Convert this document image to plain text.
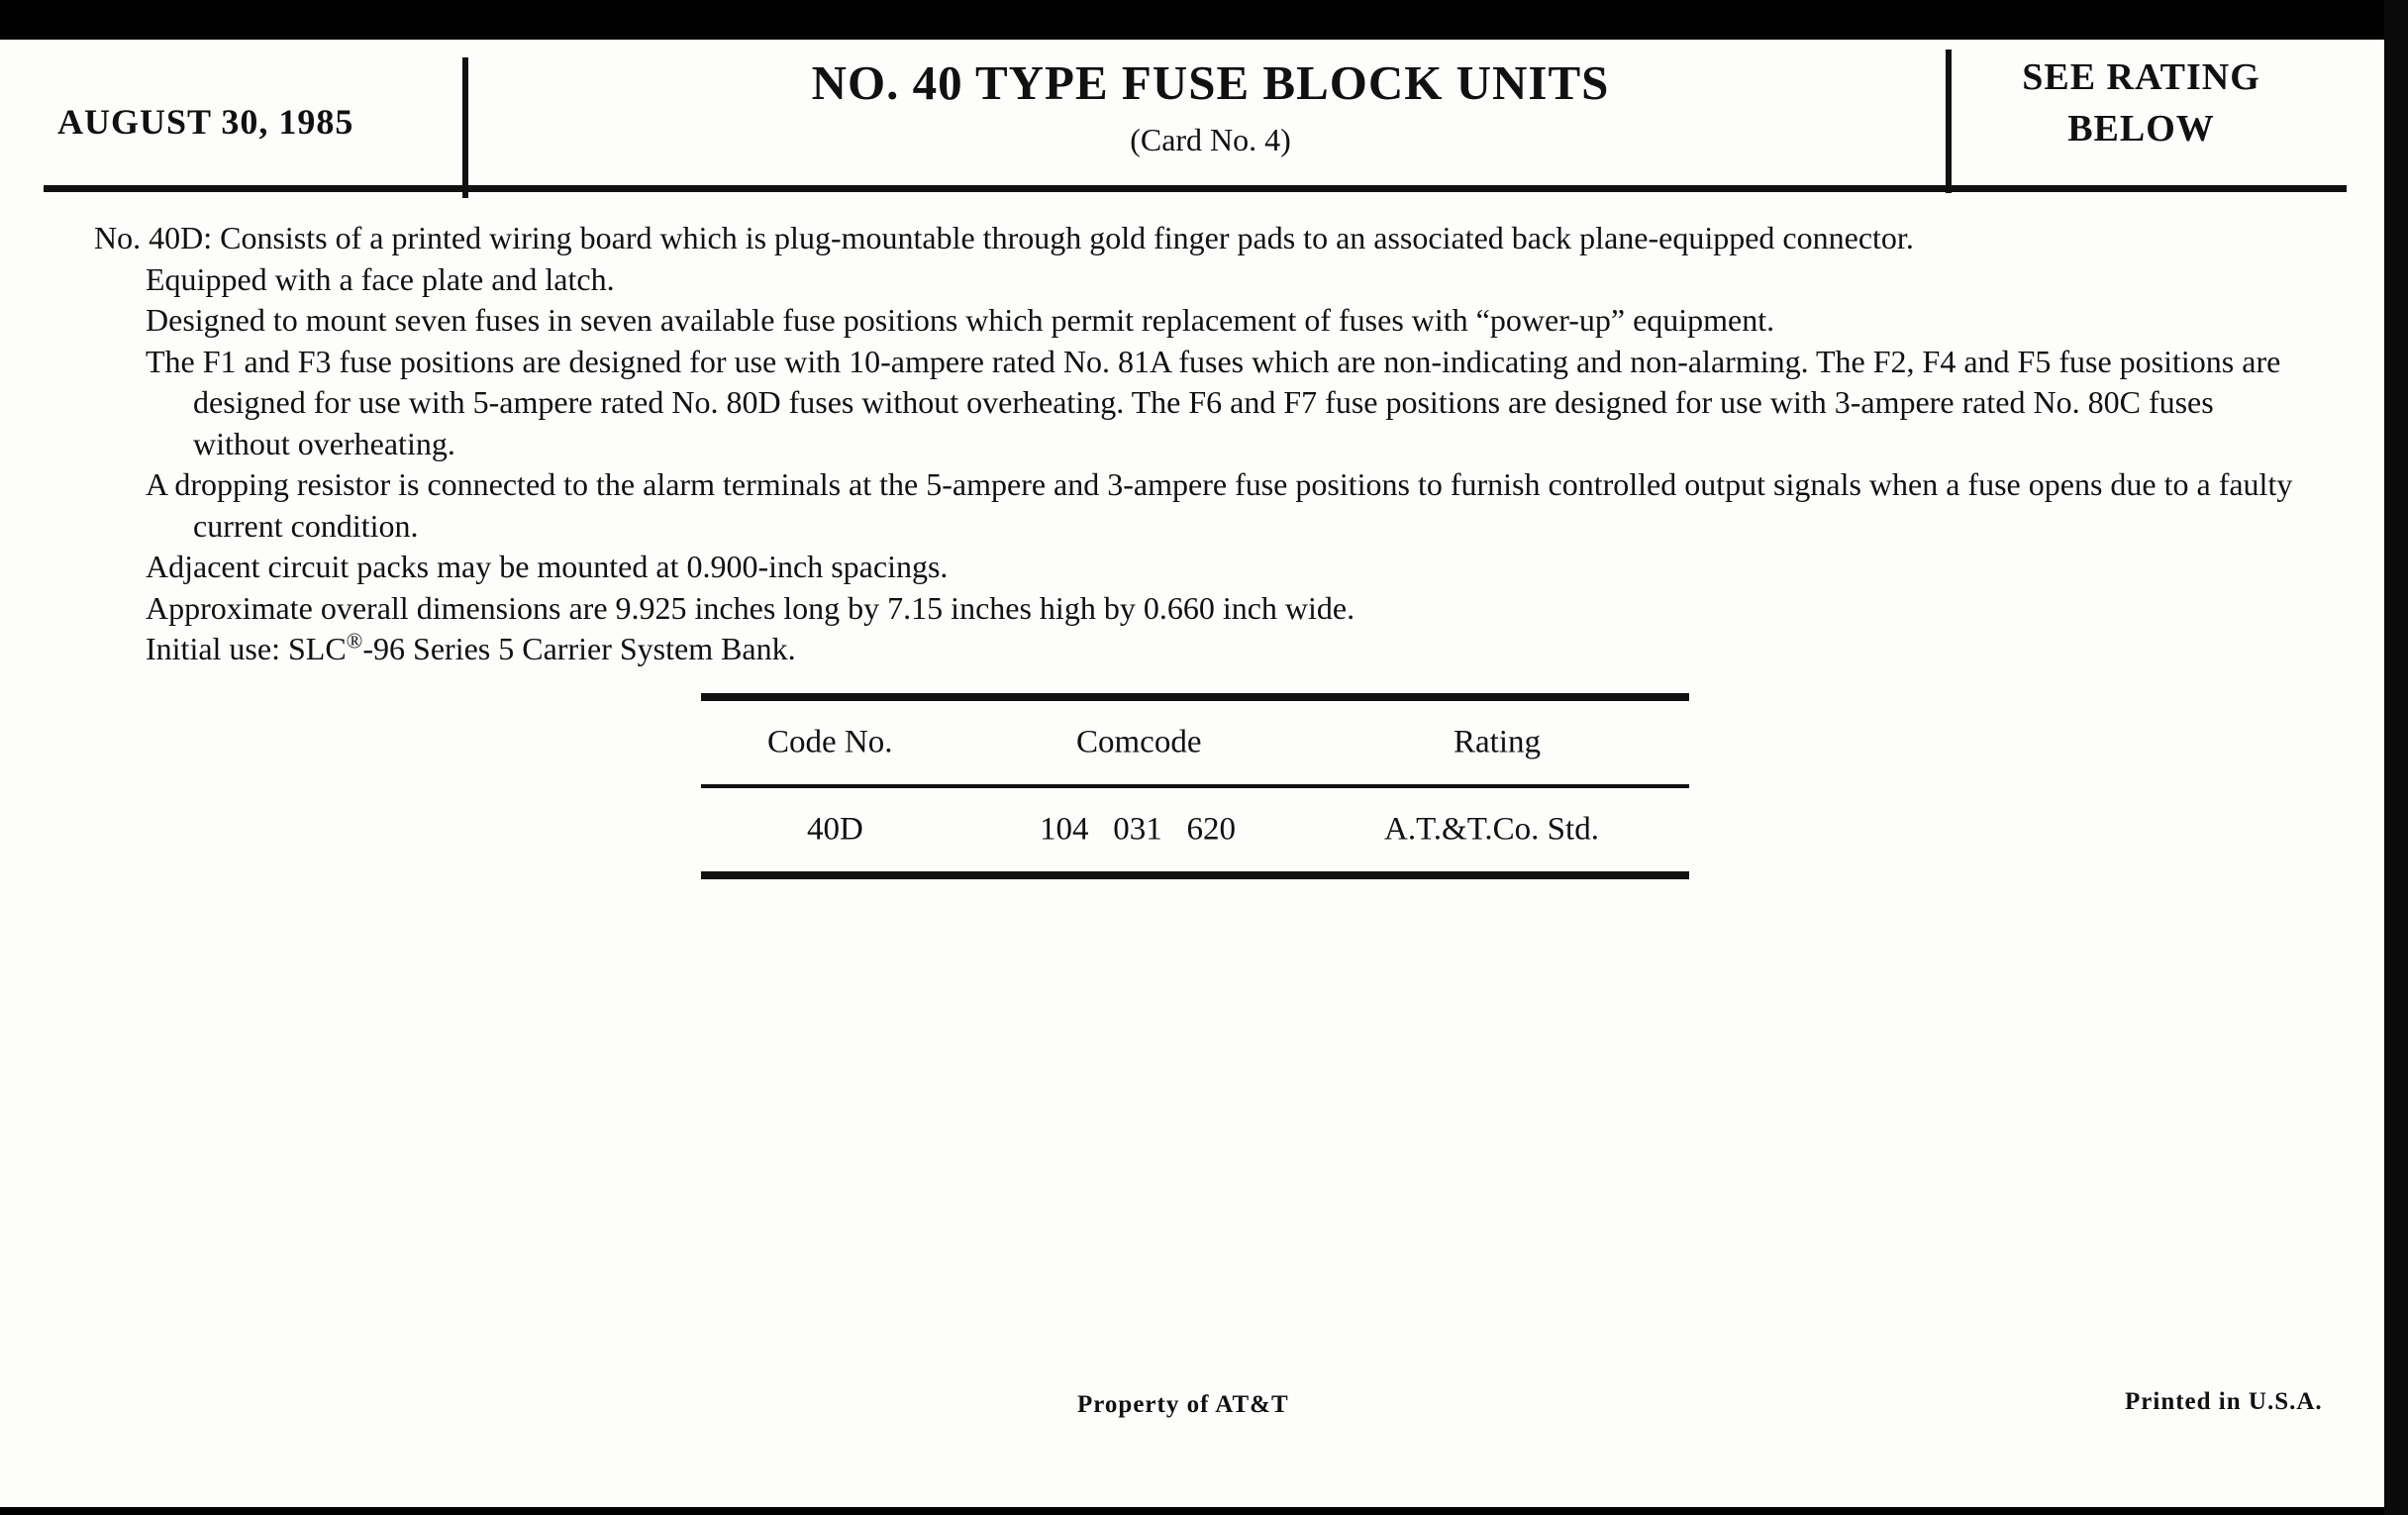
AUGUST 30, 1985
NO. 40 TYPE FUSE BLOCK UNITS
(Card No. 4)
SEE RATING
BELOW

No. 40D: Consists of a printed wiring board which is plug-mountable through gold finger pads to an associated back plane-equipped connector.

Equipped with a face plate and latch.

Designed to mount seven fuses in seven available fuse positions which permit replacement of fuses with “power-up” equipment.

The F1 and F3 fuse positions are designed for use with 10-ampere rated No. 81A fuses which are non-indicating and non-alarming. The F2, F4 and F5 fuse positions are designed for use with 5-ampere rated No. 80D fuses without overheating. The F6 and F7 fuse positions are designed for use with 3-ampere rated No. 80C fuses without overheating.

A dropping resistor is connected to the alarm terminals at the 5-ampere and 3-ampere fuse positions to furnish controlled output signals when a fuse opens due to a faulty current condition.

Adjacent circuit packs may be mounted at 0.900-inch spacings.

Approximate overall dimensions are 9.925 inches long by 7.15 inches high by 0.660 inch wide.

Initial use: SLC®-96 Series 5 Carrier System Bank.

Code No.	Comcode	Rating
40D	104   031   620	A.T.&T.Co. Std.
Property of AT&T	Printed in U.S.A.
